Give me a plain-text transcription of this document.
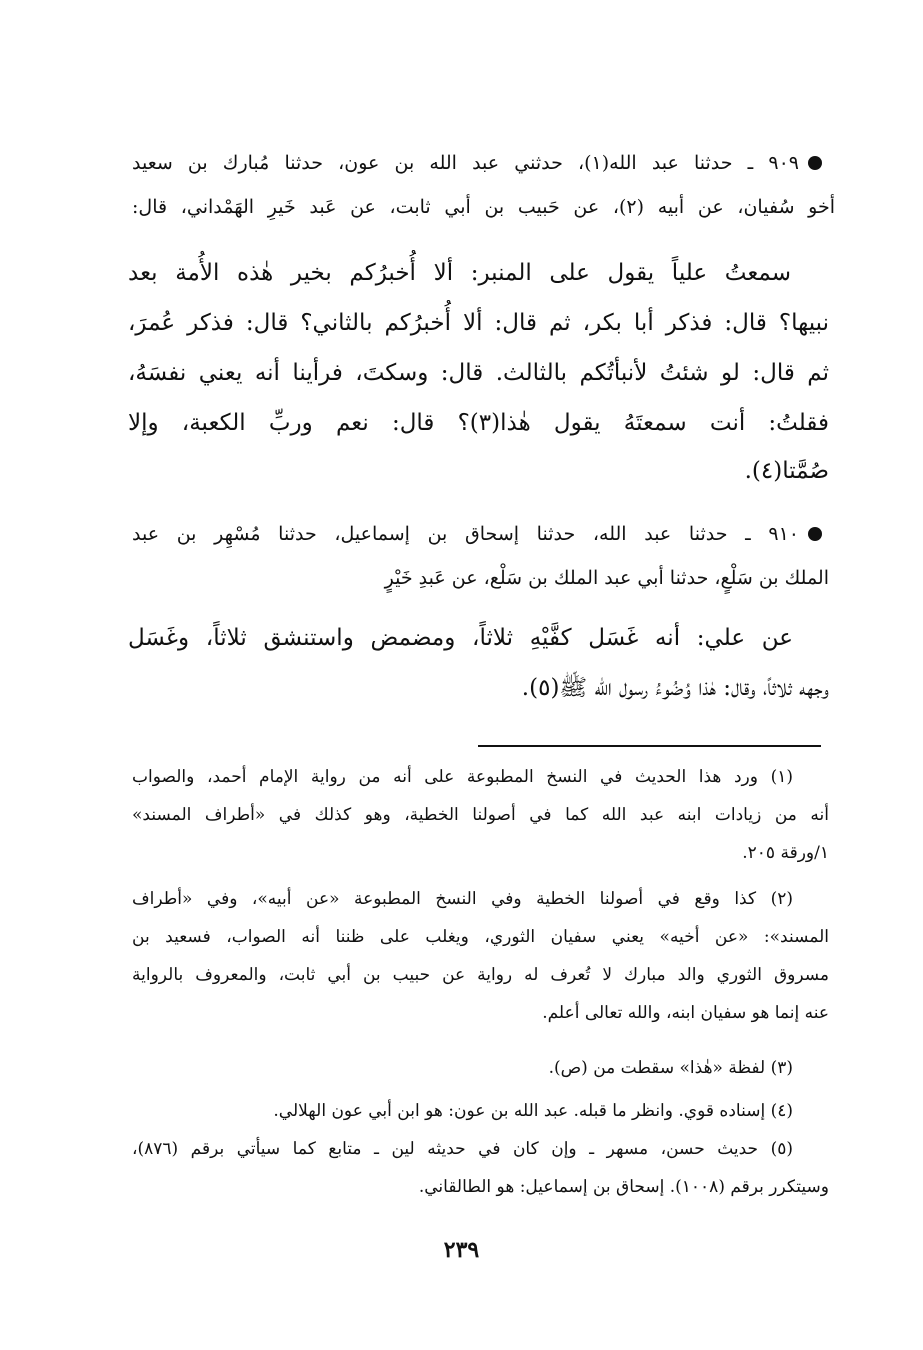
٩٠٩ ـ حدثنا عبد الله(١)، حدثني عبد الله بن عون، حدثنا مُبارك بن سعيد
أخو سُفيان، عن أبيه (٢)، عن حَبيب بن أبي ثابت، عن عَبد خَيرِ الهَمْداني، قال:
سمعتُ علياً يقول على المنبر: ألا أُخبرُكم بخير هٰذه الأُمة بعد
نبيها؟ قال: فذكر أبا بكر، ثم قال: ألا أُخبرُكم بالثاني؟ قال: فذكر عُمرَ،
ثم قال: لو شئتُ لأنبأتُكم بالثالث. قال: وسكتَ، فرأينا أنه يعني نفسَهُ،
فقلتُ: أنت سمعتَهُ يقول هٰذا(٣)؟ قال: نعم وربِّ الكعبة، وإلا
صُمَّتا(٤).
٩١٠ ـ حدثنا عبد الله، حدثنا إسحاق بن إسماعيل، حدثنا مُسْهِر بن عبد
الملك بن سَلْعٍ، حدثنا أبي عبد الملك بن سَلْع، عن عَبدِ خَيْرٍ
عن علي: أنه غَسَل كفَّيْهِ ثلاثاً، ومضمض واستنشق ثلاثاً، وغَسَل
وجهه ثلاثاً، وقال: هٰذا وُضُوءُ رسول الله ﷺ(٥).
(١) ورد هذا الحديث في النسخ المطبوعة على أنه من رواية الإمام أحمد، والصواب
أنه من زيادات ابنه عبد الله كما في أصولنا الخطية، وهو كذلك في «أطراف المسند»
١/ورقة ٢٠٥.
(٢) كذا وقع في أصولنا الخطية وفي النسخ المطبوعة «عن أبيه»، وفي «أطراف
المسند»: «عن أخيه» يعني سفيان الثوري، ويغلب على ظننا أنه الصواب، فسعيد بن
مسروق الثوري والد مبارك لا تُعرف له رواية عن حبيب بن أبي ثابت، والمعروف بالرواية
عنه إنما هو سفيان ابنه، والله تعالى أعلم.
(٣) لفظة «هٰذا» سقطت من (ص).
(٤) إسناده قوي. وانظر ما قبله. عبد الله بن عون: هو ابن أبي عون الهلالي.
(٥) حديث حسن، مسهر ـ وإن كان في حديثه لين ـ متابع كما سيأتي برقم (٨٧٦)،
وسيتكرر برقم (١٠٠٨). إسحاق بن إسماعيل: هو الطالقاني.
٢٣٩
